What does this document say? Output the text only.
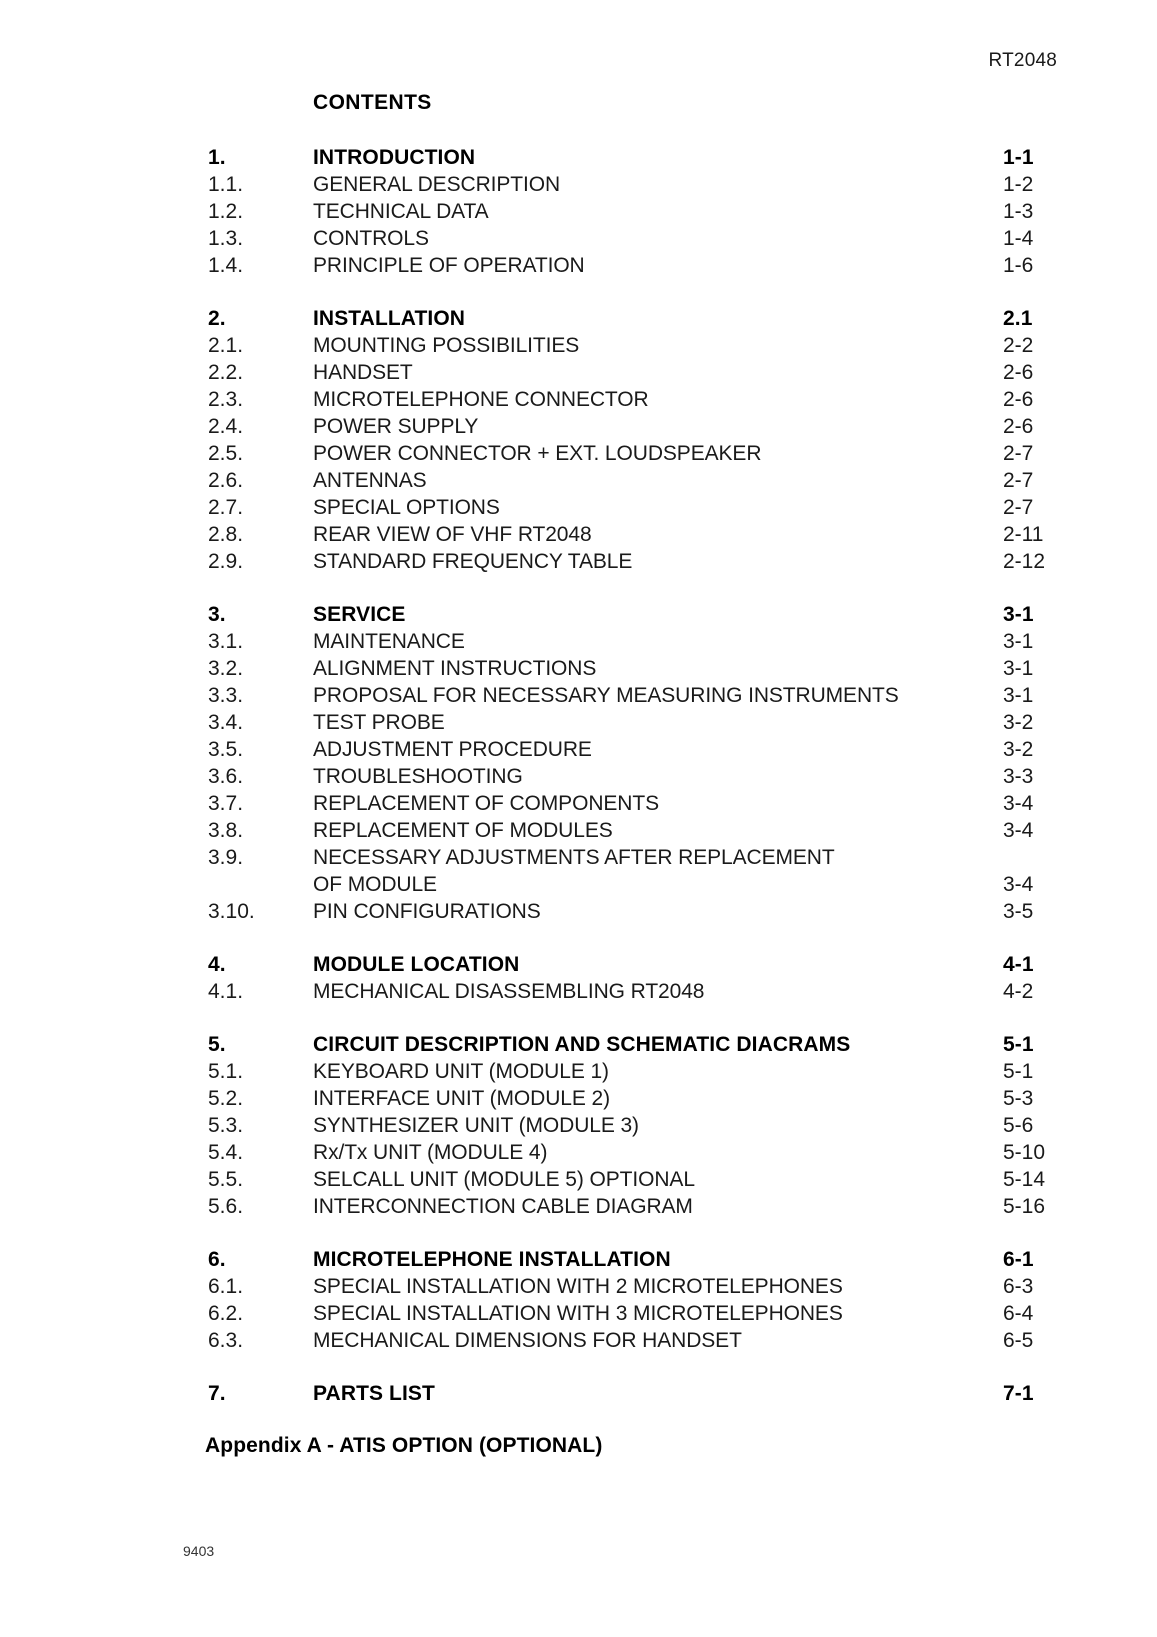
RT2048
CONTENTS
1.	INTRODUCTION	1-1
1.1.	GENERAL DESCRIPTION	1-2
1.2.	TECHNICAL DATA	1-3
1.3.	CONTROLS	1-4
1.4.	PRINCIPLE OF OPERATION	1-6
2.	INSTALLATION	2.1
2.1.	MOUNTING POSSIBILITIES	2-2
2.2.	HANDSET	2-6
2.3.	MICROTELEPHONE CONNECTOR	2-6
2.4.	POWER SUPPLY	2-6
2.5.	POWER CONNECTOR + EXT. LOUDSPEAKER	2-7
2.6.	ANTENNAS	2-7
2.7.	SPECIAL OPTIONS	2-7
2.8.	REAR VIEW OF VHF RT2048	2-11
2.9.	STANDARD FREQUENCY TABLE	2-12
3.	SERVICE	3-1
3.1.	MAINTENANCE	3-1
3.2.	ALIGNMENT INSTRUCTIONS	3-1
3.3.	PROPOSAL FOR NECESSARY MEASURING INSTRUMENTS	3-1
3.4.	TEST PROBE	3-2
3.5.	ADJUSTMENT PROCEDURE	3-2
3.6.	TROUBLESHOOTING	3-3
3.7.	REPLACEMENT OF COMPONENTS	3-4
3.8.	REPLACEMENT OF MODULES	3-4
3.9.	NECESSARY ADJUSTMENTS AFTER REPLACEMENT
OF MODULE	3-4
3.10.	PIN CONFIGURATIONS	3-5
4.	MODULE LOCATION	4-1
4.1.	MECHANICAL DISASSEMBLING RT2048	4-2
5.	CIRCUIT DESCRIPTION AND SCHEMATIC DIACRAMS	5-1
5.1.	KEYBOARD UNIT (MODULE 1)	5-1
5.2.	INTERFACE UNIT (MODULE 2)	5-3
5.3.	SYNTHESIZER UNIT (MODULE 3)	5-6
5.4.	Rx/Tx UNIT (MODULE 4)	5-10
5.5.	SELCALL UNIT (MODULE 5) OPTIONAL	5-14
5.6.	INTERCONNECTION CABLE DIAGRAM	5-16
6.	MICROTELEPHONE INSTALLATION	6-1
6.1.	SPECIAL INSTALLATION WITH 2 MICROTELEPHONES	6-3
6.2.	SPECIAL INSTALLATION WITH 3 MICROTELEPHONES	6-4
6.3.	MECHANICAL DIMENSIONS FOR HANDSET	6-5
7.	PARTS LIST	7-1
Appendix A - ATIS OPTION (OPTIONAL)
9403
